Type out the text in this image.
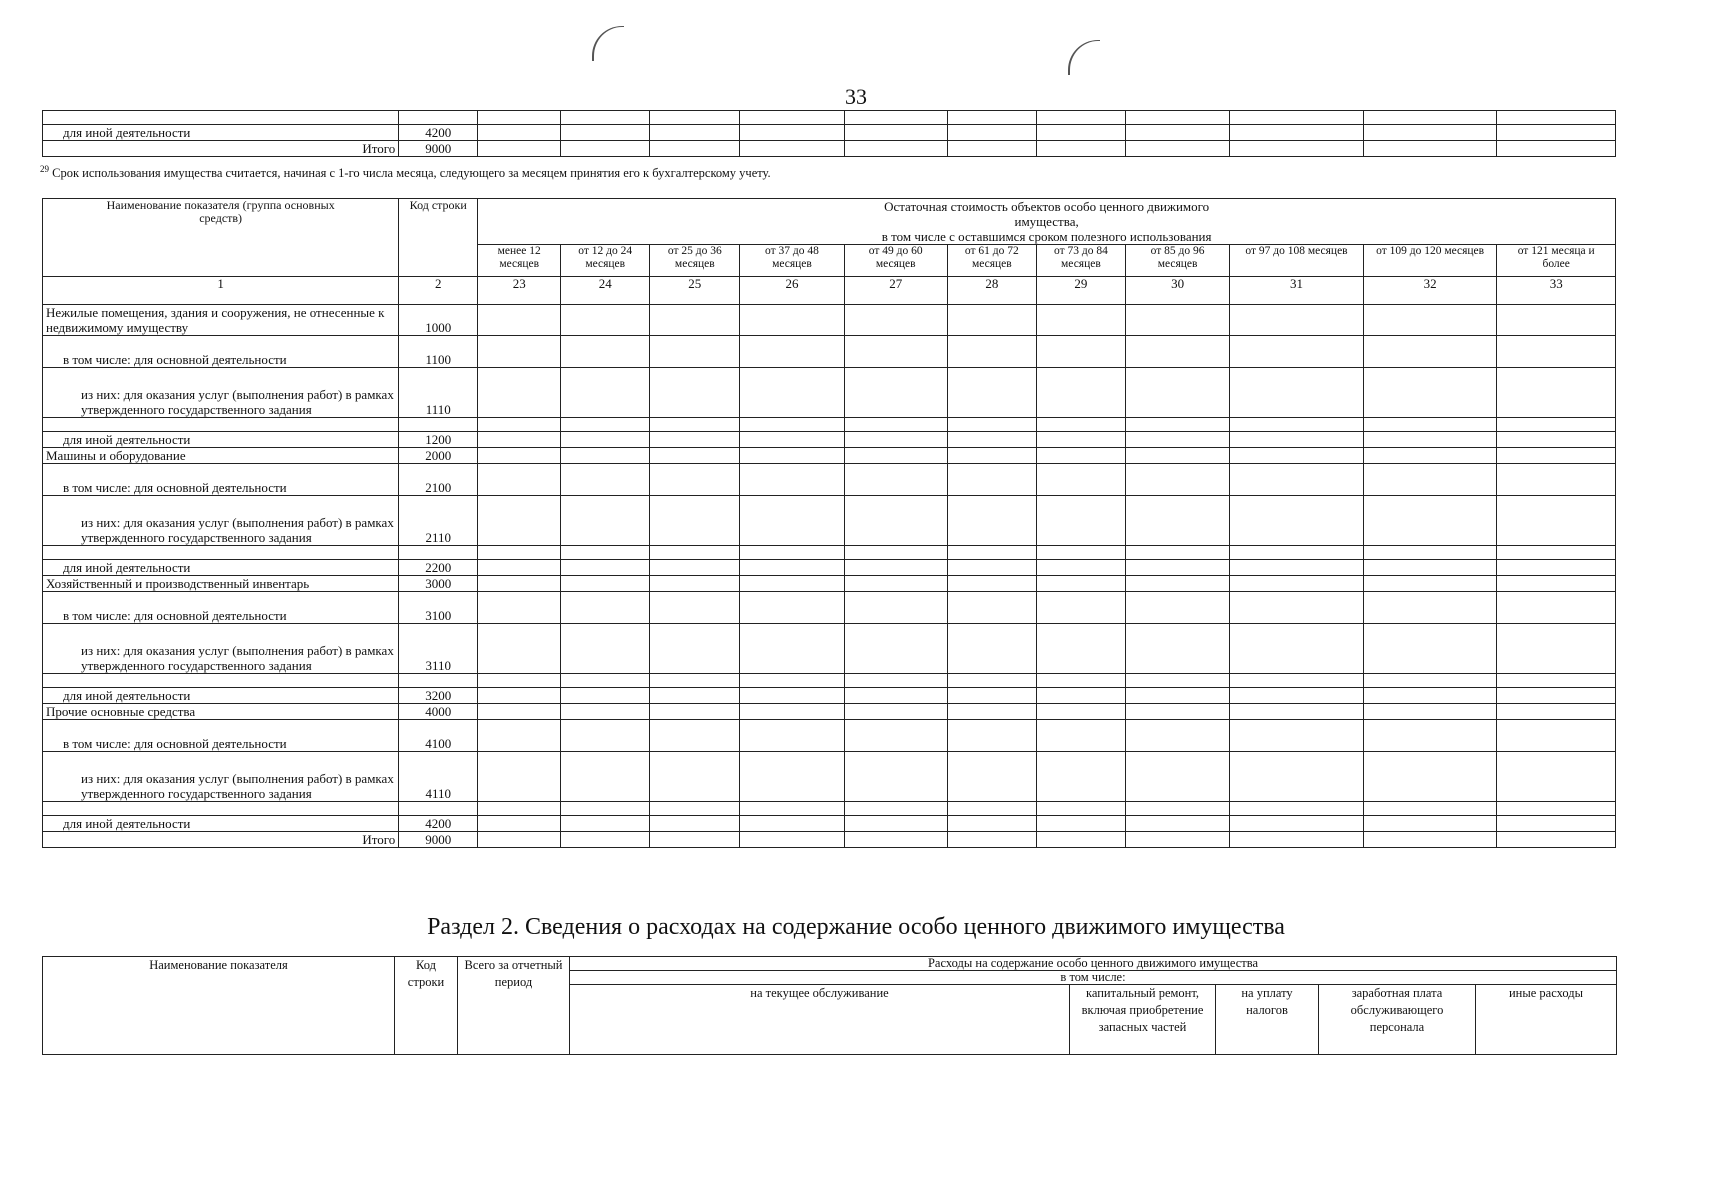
33

для иной деятельности	4200											
Итого	9000											
$^{29}$ Срок использования имущества считается, начиная с 1-го числа месяца, следующего за месяцем принятия его к бухгалтерскому учету.
Наименование показателя (группа основных средств)	Код строки	Остаточная стоимость объектов особо ценного движимого имущества,
в том числе с оставшимся сроком полезного использования										

		менее 12 месяцев	от 12 до 24 месяцев	от 25 до 36 месяцев	от 37 до 48 месяцев	от 49 до 60 месяцев	от 61 до 72 месяцев	от 73 до 84 месяцев	от 85 до 96 месяцев	от 97 до 108 месяцев	от 109 до 120 месяцев	от 121 месяца и более
1	2	23	24	25	26	27	28	29	30	31	32	33
Нежилые помещения, здания и сооружения, не отнесенные к недвижимому имуществу	1000											
в том числе: для основной деятельности	1100											
из них: для оказания услуг (выполнения работ) в рамках утвержденного государственного задания	1110											

для иной деятельности	1200											
Машины и оборудование	2000											
в том числе: для основной деятельности	2100											
из них: для оказания услуг (выполнения работ) в рамках утвержденного государственного задания	2110											

для иной деятельности	2200											
Хозяйственный и производственный инвентарь	3000											
в том числе: для основной деятельности	3100											
из них: для оказания услуг (выполнения работ) в рамках утвержденного государственного задания	3110											

для иной деятельности	3200											
Прочие основные средства	4000											
в том числе: для основной деятельности	4100											
из них: для оказания услуг (выполнения работ) в рамках утвержденного государственного задания	4110											

для иной деятельности	4200											
Итого	9000											
Раздел 2. Сведения о расходах на содержание особо ценного движимого имущества
Наименование показателя	Код строки	Всего за отчетный период	Расходы на содержание особо ценного движимого имущества				
			в том числе:				
			на текущее обслуживание	капитальный ремонт, включая приобретение запасных частей	на уплату налогов	заработная плата обслуживающего персонала	иные расходы
